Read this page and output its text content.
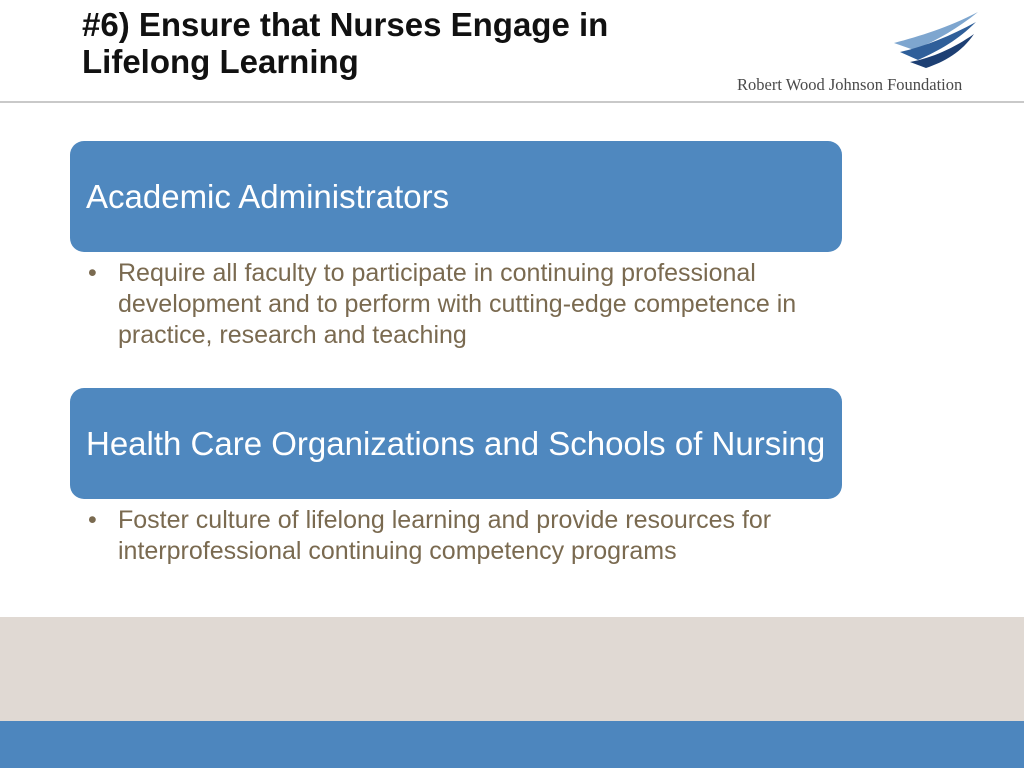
#6) Ensure that Nurses Engage in
Lifelong Learning
Robert Wood Johnson Foundation
Academic Administrators
• Require all faculty to participate in continuing professional development and to perform with cutting-edge competence in practice, research and teaching
Health Care Organizations and Schools of Nursing
• Foster culture of lifelong learning and provide resources for interprofessional continuing competency programs
